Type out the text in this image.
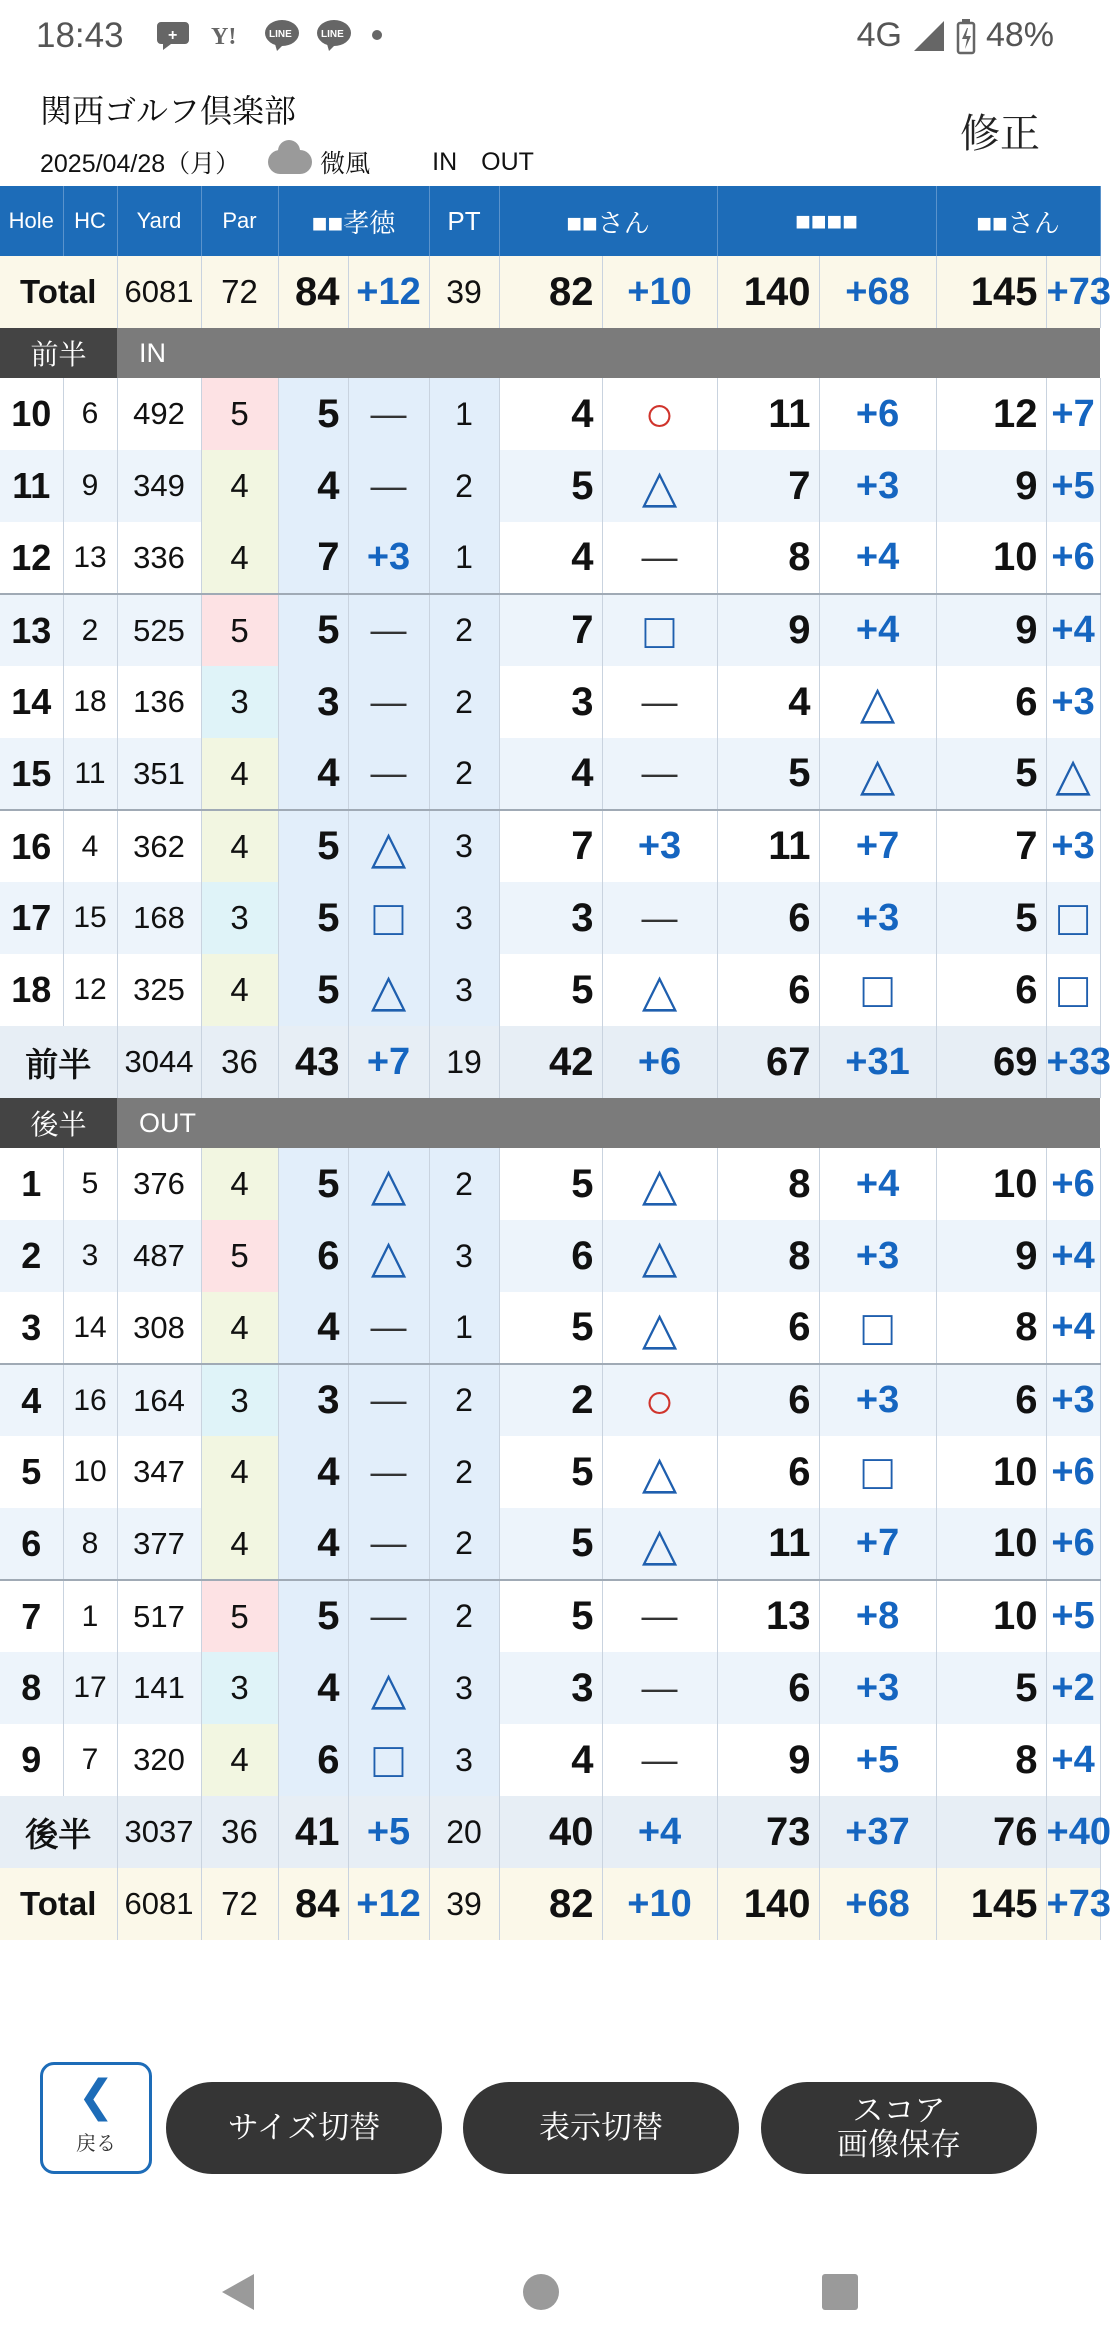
18:43	+ Y!	LINE	LINE	4G 48%
関西ゴルフ倶楽部
2025/04/28（月）	微風 IN OUT
修正
Hole	HC	Yard	Par	■■孝徳		PT	■■さん		■■■■		■■さん	
Total		6081	72	84	+12	39	82	+10	140	+68	145	+73
前半		IN										
10	6	492	5	5	―	1	4	○	11	+6	12	+7
11	9	349	4	4	―	2	5	△	7	+3	9	+5
12	13	336	4	7	+3	1	4	―	8	+4	10	+6
13	2	525	5	5	―	2	7	□	9	+4	9	+4
14	18	136	3	3	―	2	3	―	4	△	6	+3
15	11	351	4	4	―	2	4	―	5	△	5	△
16	4	362	4	5	△	3	7	+3	11	+7	7	+3
17	15	168	3	5	□	3	3	―	6	+3	5	□
18	12	325	4	5	△	3	5	△	6	□	6	□
前半		3044	36	43	+7	19	42	+6	67	+31	69	+33
後半		OUT										
1	5	376	4	5	△	2	5	△	8	+4	10	+6
2	3	487	5	6	△	3	6	△	8	+3	9	+4
3	14	308	4	4	―	1	5	△	6	□	8	+4
4	16	164	3	3	―	2	2	○	6	+3	6	+3
5	10	347	4	4	―	2	5	△	6	□	10	+6
6	8	377	4	4	―	2	5	△	11	+7	10	+6
7	1	517	5	5	―	2	5	―	13	+8	10	+5
8	17	141	3	4	△	3	3	―	6	+3	5	+2
9	7	320	4	6	□	3	4	―	9	+5	8	+4
後半		3037	36	41	+5	20	40	+4	73	+37	76	+40
Total		6081	72	84	+12	39	82	+10	140	+68	145	+73
❮
戻る	サイズ切替	表示切替	スコア
画像保存
